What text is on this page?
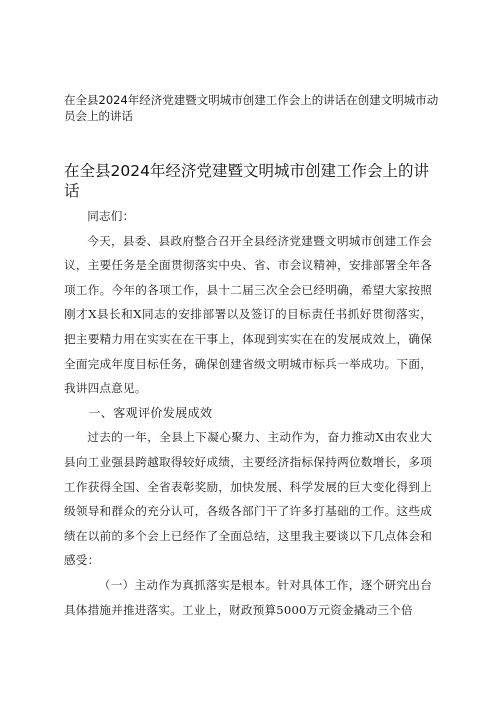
在全县2024年经济党建暨文明城市创建工作会上的讲话在创建文明城市动员会上的讲话
在全县2024年经济党建暨文明城市创建工作会上的讲话

同志们：

今天，县委、县政府整合召开全县经济党建暨文明城市创建工作会议，主要任务是全面贯彻落实中央、省、市会议精神，安排部署全年各项工作。今年的各项工作，县十二届三次全会已经明确，希望大家按照刚才X县长和X同志的安排部署以及签订的目标责任书抓好贯彻落实，把主要精力用在实实在在干事上，体现到实实在在的发展成效上，确保全面完成年度目标任务，确保创建省级文明城市标兵一举成功。下面，我讲四点意见。

一、客观评价发展成效

过去的一年，全县上下凝心聚力、主动作为，奋力推动X由农业大县向工业强县跨越取得较好成绩，主要经济指标保持两位数增长，多项工作获得全国、全省表彰奖励，加快发展、科学发展的巨大变化得到上级领导和群众的充分认可，各级各部门干了许多打基础的工作。这些成绩在以前的多个会上已经作了全面总结，这里我主要谈以下几点体会和感受：

（一）主动作为真抓落实是根本。针对具体工作，逐个研究出台具体措施并推进落实。工业上，财政预算5000万元资金撬动三个倍
